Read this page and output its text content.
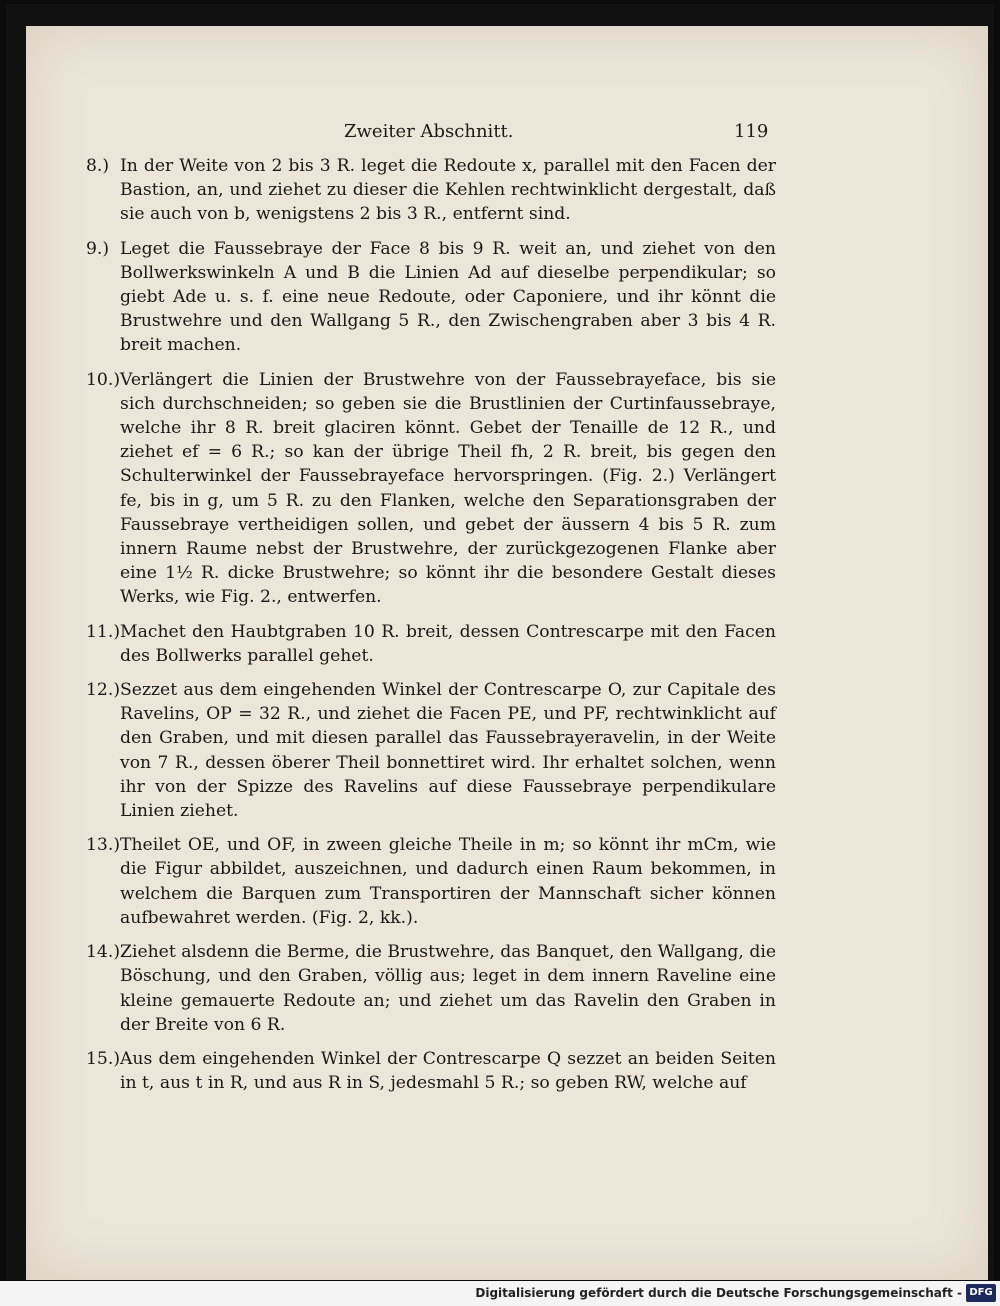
Zweiter Abschnitt.	119
8.) In der Weite von 2 bis 3 R. leget die Redoute x, parallel mit den Facen der Bastion, an, und ziehet zu dieser die Kehlen rechtwinklicht dergestalt, daß sie auch von b, wenigstens 2 bis 3 R., entfernt sind.
9.) Leget die Faussebraye der Face 8 bis 9 R. weit an, und ziehet von den Bollwerkswinkeln A und B die Linien Ad auf dieselbe perpendikular; so giebt Ade u. s. f. eine neue Redoute, oder Caponiere, und ihr könnt die Brustwehre und den Wallgang 5 R., den Zwischengraben aber 3 bis 4 R. breit machen.
10.) Verlängert die Linien der Brustwehre von der Faussebrayeface, bis sie sich durchschneiden; so geben sie die Brustlinien der Curtinfaussebraye, welche ihr 8 R. breit glaciren könnt. Gebet der Tenaille de 12 R., und ziehet ef = 6 R.; so kan der übrige Theil fh, 2 R. breit, bis gegen den Schulterwinkel der Faussebrayeface hervorspringen. (Fig. 2.) Verlängert fe, bis in g, um 5 R. zu den Flanken, welche den Separationsgraben der Faussebraye vertheidigen sollen, und gebet der äussern 4 bis 5 R. zum innern Raume nebst der Brustwehre, der zurückgezogenen Flanke aber eine 1½ R. dicke Brustwehre; so könnt ihr die besondere Gestalt dieses Werks, wie Fig. 2., entwerfen.
11.) Machet den Haubtgraben 10 R. breit, dessen Contrescarpe mit den Facen des Bollwerks parallel gehet.
12.) Sezzet aus dem eingehenden Winkel der Contrescarpe O, zur Capitale des Ravelins, OP = 32 R., und ziehet die Facen PE, und PF, rechtwinklicht auf den Graben, und mit diesen parallel das Faussebrayeravelin, in der Weite von 7 R., dessen öberer Theil bonnettiret wird. Ihr erhaltet solchen, wenn ihr von der Spizze des Ravelins auf diese Faussebraye perpendikulare Linien ziehet.
13.) Theilet OE, und OF, in zween gleiche Theile in m; so könnt ihr mCm, wie die Figur abbildet, auszeichnen, und dadurch einen Raum bekommen, in welchem die Barquen zum Transportiren der Mannschaft sicher können aufbewahret werden. (Fig. 2, kk.).
14.) Ziehet alsdenn die Berme, die Brustwehre, das Banquet, den Wallgang, die Böschung, und den Graben, völlig aus; leget in dem innern Raveline eine kleine gemauerte Redoute an; und ziehet um das Ravelin den Graben in der Breite von 6 R.
15.) Aus dem eingehenden Winkel der Contrescarpe Q sezzet an beiden Seiten in t, aus t in R, und aus R in S, jedesmahl 5 R.; so geben RW, welche auf
Digitalisierung gefördert durch die Deutsche Forschungsgemeinschaft - DFG
